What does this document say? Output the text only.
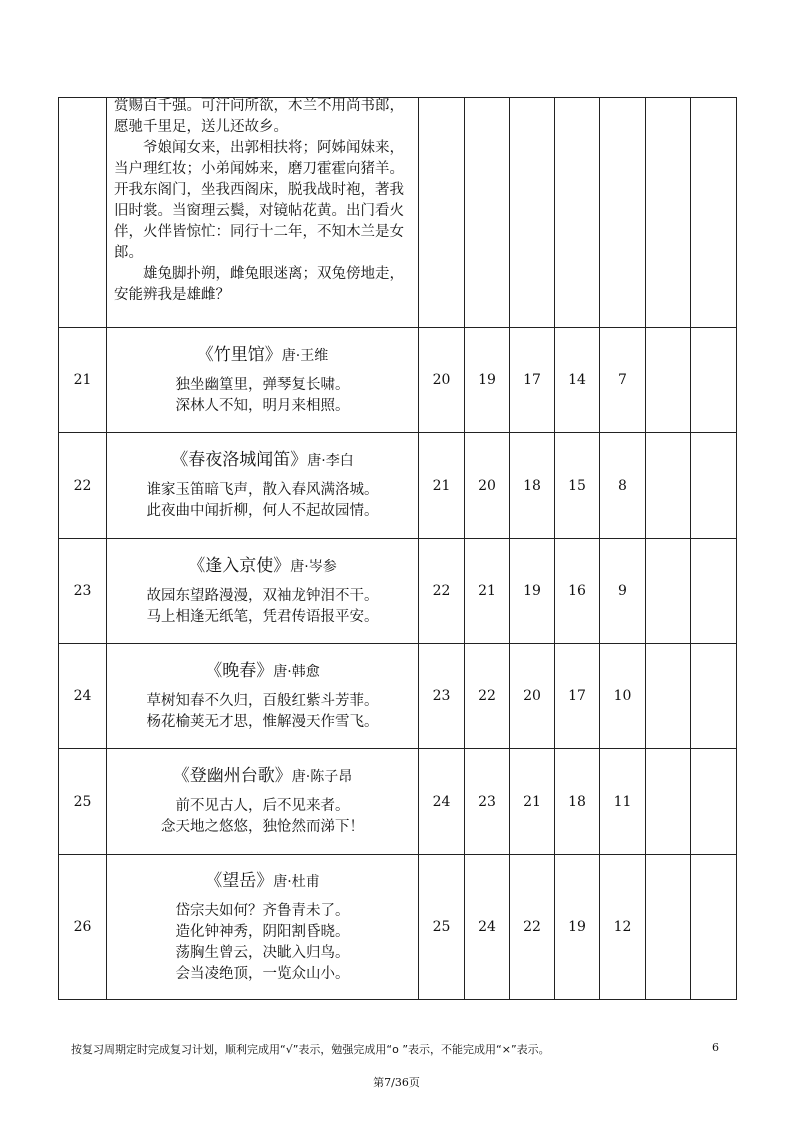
	赏赐百千强。可汗问所欲，木兰不用尚书郎，愿驰千里足，送儿还故乡。

爷娘闻女来，出郭相扶将；阿姊闻妹来，当户理红妆；小弟闻姊来，磨刀霍霍向猪羊。开我东阁门，坐我西阁床，脱我战时袍，著我旧时裳。当窗理云鬓，对镜帖花黄。出门看火伴，火伴皆惊忙：同行十二年，不知木兰是女郎。

雄兔脚扑朔，雌兔眼迷离；双兔傍地走，安能辨我是雄雌？							

21	《竹里馆》唐·王维
独坐幽篁里，弹琴复长啸。
深林人不知，明月来相照。	20	19	17	14	7		
22	《春夜洛城闻笛》唐·李白
谁家玉笛暗飞声，散入春风满洛城。
此夜曲中闻折柳，何人不起故园情。	21	20	18	15	8		
23	《逢入京使》唐·岑参
故园东望路漫漫，双袖龙钟泪不干。
马上相逢无纸笔，凭君传语报平安。	22	21	19	16	9		
24	《晚春》唐·韩愈
草树知春不久归，百般红紫斗芳菲。
杨花榆荚无才思，惟解漫天作雪飞。	23	22	20	17	10		
25	《登幽州台歌》唐·陈子昂
前不见古人，后不见来者。
念天地之悠悠，独怆然而涕下！	24	23	21	18	11		
26	《望岳》唐·杜甫
岱宗夫如何？齐鲁青未了。
造化钟神秀，阴阳割昏晓。
荡胸生曾云，决眦入归鸟。
会当凌绝顶，一览众山小。	25	24	22	19	12		
按复习周期定时完成复习计划，顺利完成用“√”表示，勉强完成用“ο ”表示，不能完成用“×”表示。	6
第7/36页
